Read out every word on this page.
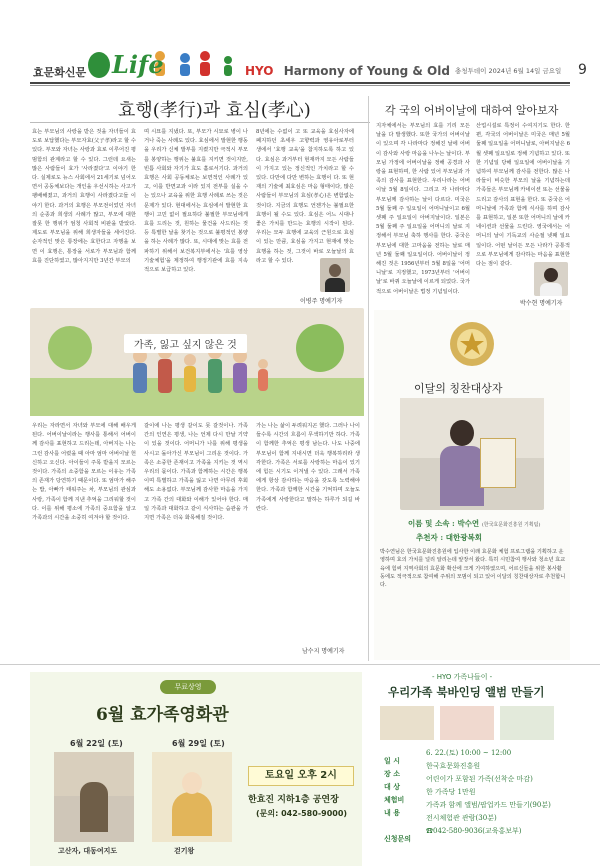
효문화신문 Life	HYO Harmony of Young & Old 충청투데이 2024년 6월 14일 금요일 9
효행(孝行)과 효심(孝心)
효는 부모님의 사랑을 받은 것을 자녀들이 효도로 보답했다는 부모자효(父子孝)라고 할 수 있다. 부모와 자녀는 사랑과 효로 이루어진 평범함의 관계라고 할 수 있다. 그런데 요새는 많은 사람들이 효가 '사라졌다'고 이야기 한다. 실제로도 뉴스 사회에서 21세기로 넘어오면서 공동체보다는 개인을 우선시하는 사고가 팽배해졌고, 과거의 효행이 사라졌다고들 이야기 한다. 과거의 효행은 부모전이었던 자녀의 순종과 희생의 사례가 많고, 부모에 대한 잘못 한 행위가 엄청 사회적 비판을 받았다. 제도로 부모님을 위해 희생자들을 세어진다. 순자적인 맞은 통장에는 효한다고 자행을 보면 이 효행은, 통장을 서로가 부모님과 함께 효를 진단하였고, 많아지지만 3년간 부모의
며 시묘를 지냈다. 또, 부모가 시묘로 병이 나거나 죽는 사례도 있다. 효심에서 발현한 행동을 우리가 신체 발부를 지켰지만 극적시 부모를 봉양하는 행위는 불효를 지키면 것이지만, 빈틈 사회와 자기가 효도 홀로서기다. 과거의 효행은 사회 공동체로는 보면적인 사례가 있고, 이를 반면교과 이라 있지 전부를 실을 수는 있으나 교육을 위한 효행 사례로 쓰는 것은 문제가 있다. 현대에서는 효심에서 발현한 효행이 고민 없이 필요하다 불필한 부모님에게 효를 드리는 것, 원하는 물건을 사드리는 것 등 특별한 날을 찾기는 것으로 불평적인 봉양을 하는 사례가 많다. 또, 시대에 맞는 효를 전파하기 위해서 보건복지부에서는 '효를 영상 기술체험'을 제정하여 행정기관에 효를 지속적으로 보급하고 있다.
8년에는 수없이 고 또 교육을 효심사자에 폐지하던 초세우 고향력과 영유아로부터 생에서 '효행 교육'을 참지하도록 하고 있다. 효심은 과거부터 현재까지 모든 사람들이 가지고 있는 정신적인 가치라고 할 수 있다. 다만에 다만 변하는 효행이 다. 또 현재의 기술에 최효심은 마음 형태이다, 많은 사람들이 부모님의 효심(孝心)은 변함없는 것이다. 지금의 효행도 언젠가는 불필요한 효행이 될 수도 있다. 효심은 어느 시대나 좋은 가치를 만드는 효행의 시작이 된다. 우리는 모두 효행에 교육의 근원으로 효심이 있는 만큼, 효심을 가지고 현재에 맞는 효행을 하는 것, 그것이 바로 오늘날의 효라고 할 수 있다.
이병주 명예기자
각 국의 어버이날에 대하여 알아보자
지자체에서는 부모님의 효를 기리 모든 날을 다 발생했다. 또한 국가의 어버이날이 있으며 각 나라마다 정해진 날에 어버이 감사와 사랑 마음을 나누는 날이다. 부모님 가정에 어버이날을 정해 공경과 사랑을 표현하며, 한 사람 있어 부모님과 가족의 감사를 표현한다. 우리나라는 어버이날 5월 8일이다. 그리고 각 나라마다 부모님께 감사하는 날이 다르다. 미국은 5월 둘째 주 일요일이 어머니날이고 6월 셋째 주 일요일이 아버지날이다. 일본은 5월 둘째 주 일요일을 어머니의 날로 지정해서 부모님 축하 행사를 한다. 중국은 부모님에 대한 고마움을 전하는 날로 매년 5월 둘째 일요일이다. 어버이날이 정해진 것은 1956년부터 5월 8일을 '어머니날'로 지정했고, 1973년부터 '어버이날'로 바꿔 오늘날에 이르게 되었다. 국가적으로 어버이날은 법정 기념일이다.
산업시설로 특정이 수여지기도 한다. 한편, 각국의 어버이날은 미국은 매년 5월 둘째 일요일을 어머니날로, 아버지날은 6월 셋째 일요일로 정해 기념하고 있다. 또한 기념일 당해 일요일에 어버이날을 기념하여 부모님께 감사를 전한다. 많은 나라들이 비슷한 부모의 날을 기념하는데 가족들은 부모님께 카네이션 또는 선물을 드리고 감사의 표현을 한다. 또 중국은 어머니날에 가족과 함께 식사를 하며 감사를 표현하고, 일본 또한 어머니의 날에 카네이션과 선물을 드린다. 영국에서는 어머니의 날이 기독교의 사순절 넷째 일요일이다. 어떤 날이든 모든 나라가 공통적으로 부모님에게 감사하는 마음을 표현한다는 점이 같다.
박수현 명예기자
가족, 잃고 싶지 않은 것
우리는 자라면서 자녀와 부모에 대해 배우게 된다. 어버이날이라는 행사를 통해서 어버이께 감사를 표현하고 드리는데, 아버지는 나는 그런 감사를 어렸을 때 아마 엄마 어버이날 헌신하고 오신다. 아이들이 주목 받을지 모르는 것이다. 가족의 소중함을 모르는 이유는 가족의 존재가 당연하기 때문이다. 또 엄마가 해주는 밥, 아빠가 태워주는 차, 부모님의 관심과 사랑, 가족이 함께 지낸 추억을 그리워할 것이다. 이를 위해 평소에 가족의 중요함을 알고 가족과의 시간을 소중히 여겨야 할 것이다.
갈이에 나는 평생 갈이도 못 갈것이나. 가족 간의 인연은 평생, 나는 언제 다시 만날 기약이 있을 것이다. 어머니가 나를 위해 평생을 사시고 돌아가신 부모님이 그리운 것이다. 가족은 소중한 존재이고 가족을 지키는 것 역시 우리의 몫이다. 가족과 함께하는 시간은 행복이며 특별하고 가족을 잃고 나면 아무리 후회해도 소용없다. 부모님께 감사한 마음을 가지고 가족 간의 대화와 이해가 있어야 한다. 매일 가족과 대화하고 같이 식사하는 습관을 가지면 가족은 더욱 화목해질 것이다.
가는 나는 삶이 두려워지곤 했다. 그러나 나이들수록 시간의 흐름이 무색하기만 하다. 가족이 함께한 추억은 평생 남는다. 나도 나중에 부모님이 함께 지내시면 더욱 행복하리라 생각한다. 가족은 서로를 사랑하는 마음이 있기에 힘든 시기도 이겨낼 수 있다. 그래서 가족에게 항상 감사하는 마음을 갖도록 노력해야 한다. 가족과 함께한 시간을 기억하며 오늘도 가족에게 사랑한다고 말하는 하루가 되길 바란다.
남수지 명예기자
이달의 칭찬대상자
이름 및 소속 : 박수연 (한국효문화진흥원 기획팀)
추천자 : 대한광복회
박수연님은 한국효문화진흥원에 입사한 이래 효문화 체험 프로그램을 기획하고 운영하며 효의 가치를 널리 알리는데 앞장서 왔다. 특히 시민참여 행사와 청소년 효교육에 힘써 지역사회의 효문화 확산에 크게 기여하였으며, 어르신들을 위한 봉사활동에도 적극적으로 참여해 주위의 모범이 되고 있어 이달의 칭찬대상자로 추천합니다.
무료상영
6월 효가족영화관
6월 22일 (토)	6월 29일 (토)
고산자, 대동여지도	걷기왕
토요일 오후 2시
한효진 지하1층 공연장
(문의: 042-580-9000)
- HYO 가족나들이 -
우리가족 북바인딩 앨범 만들기
일 시
6. 22.(토) 10:00 ~ 12:00
장 소
한국효문화진흥원
대 상
어린이가 포함된 가족(선착순 마감)
체험비
한 가족당 1만원
내 용
가족과 함께 앨범/팝업카드 만들기(90분)
전시체험관 관람(30분)
신청문의
☎042-580-9036(교육홍보부)
